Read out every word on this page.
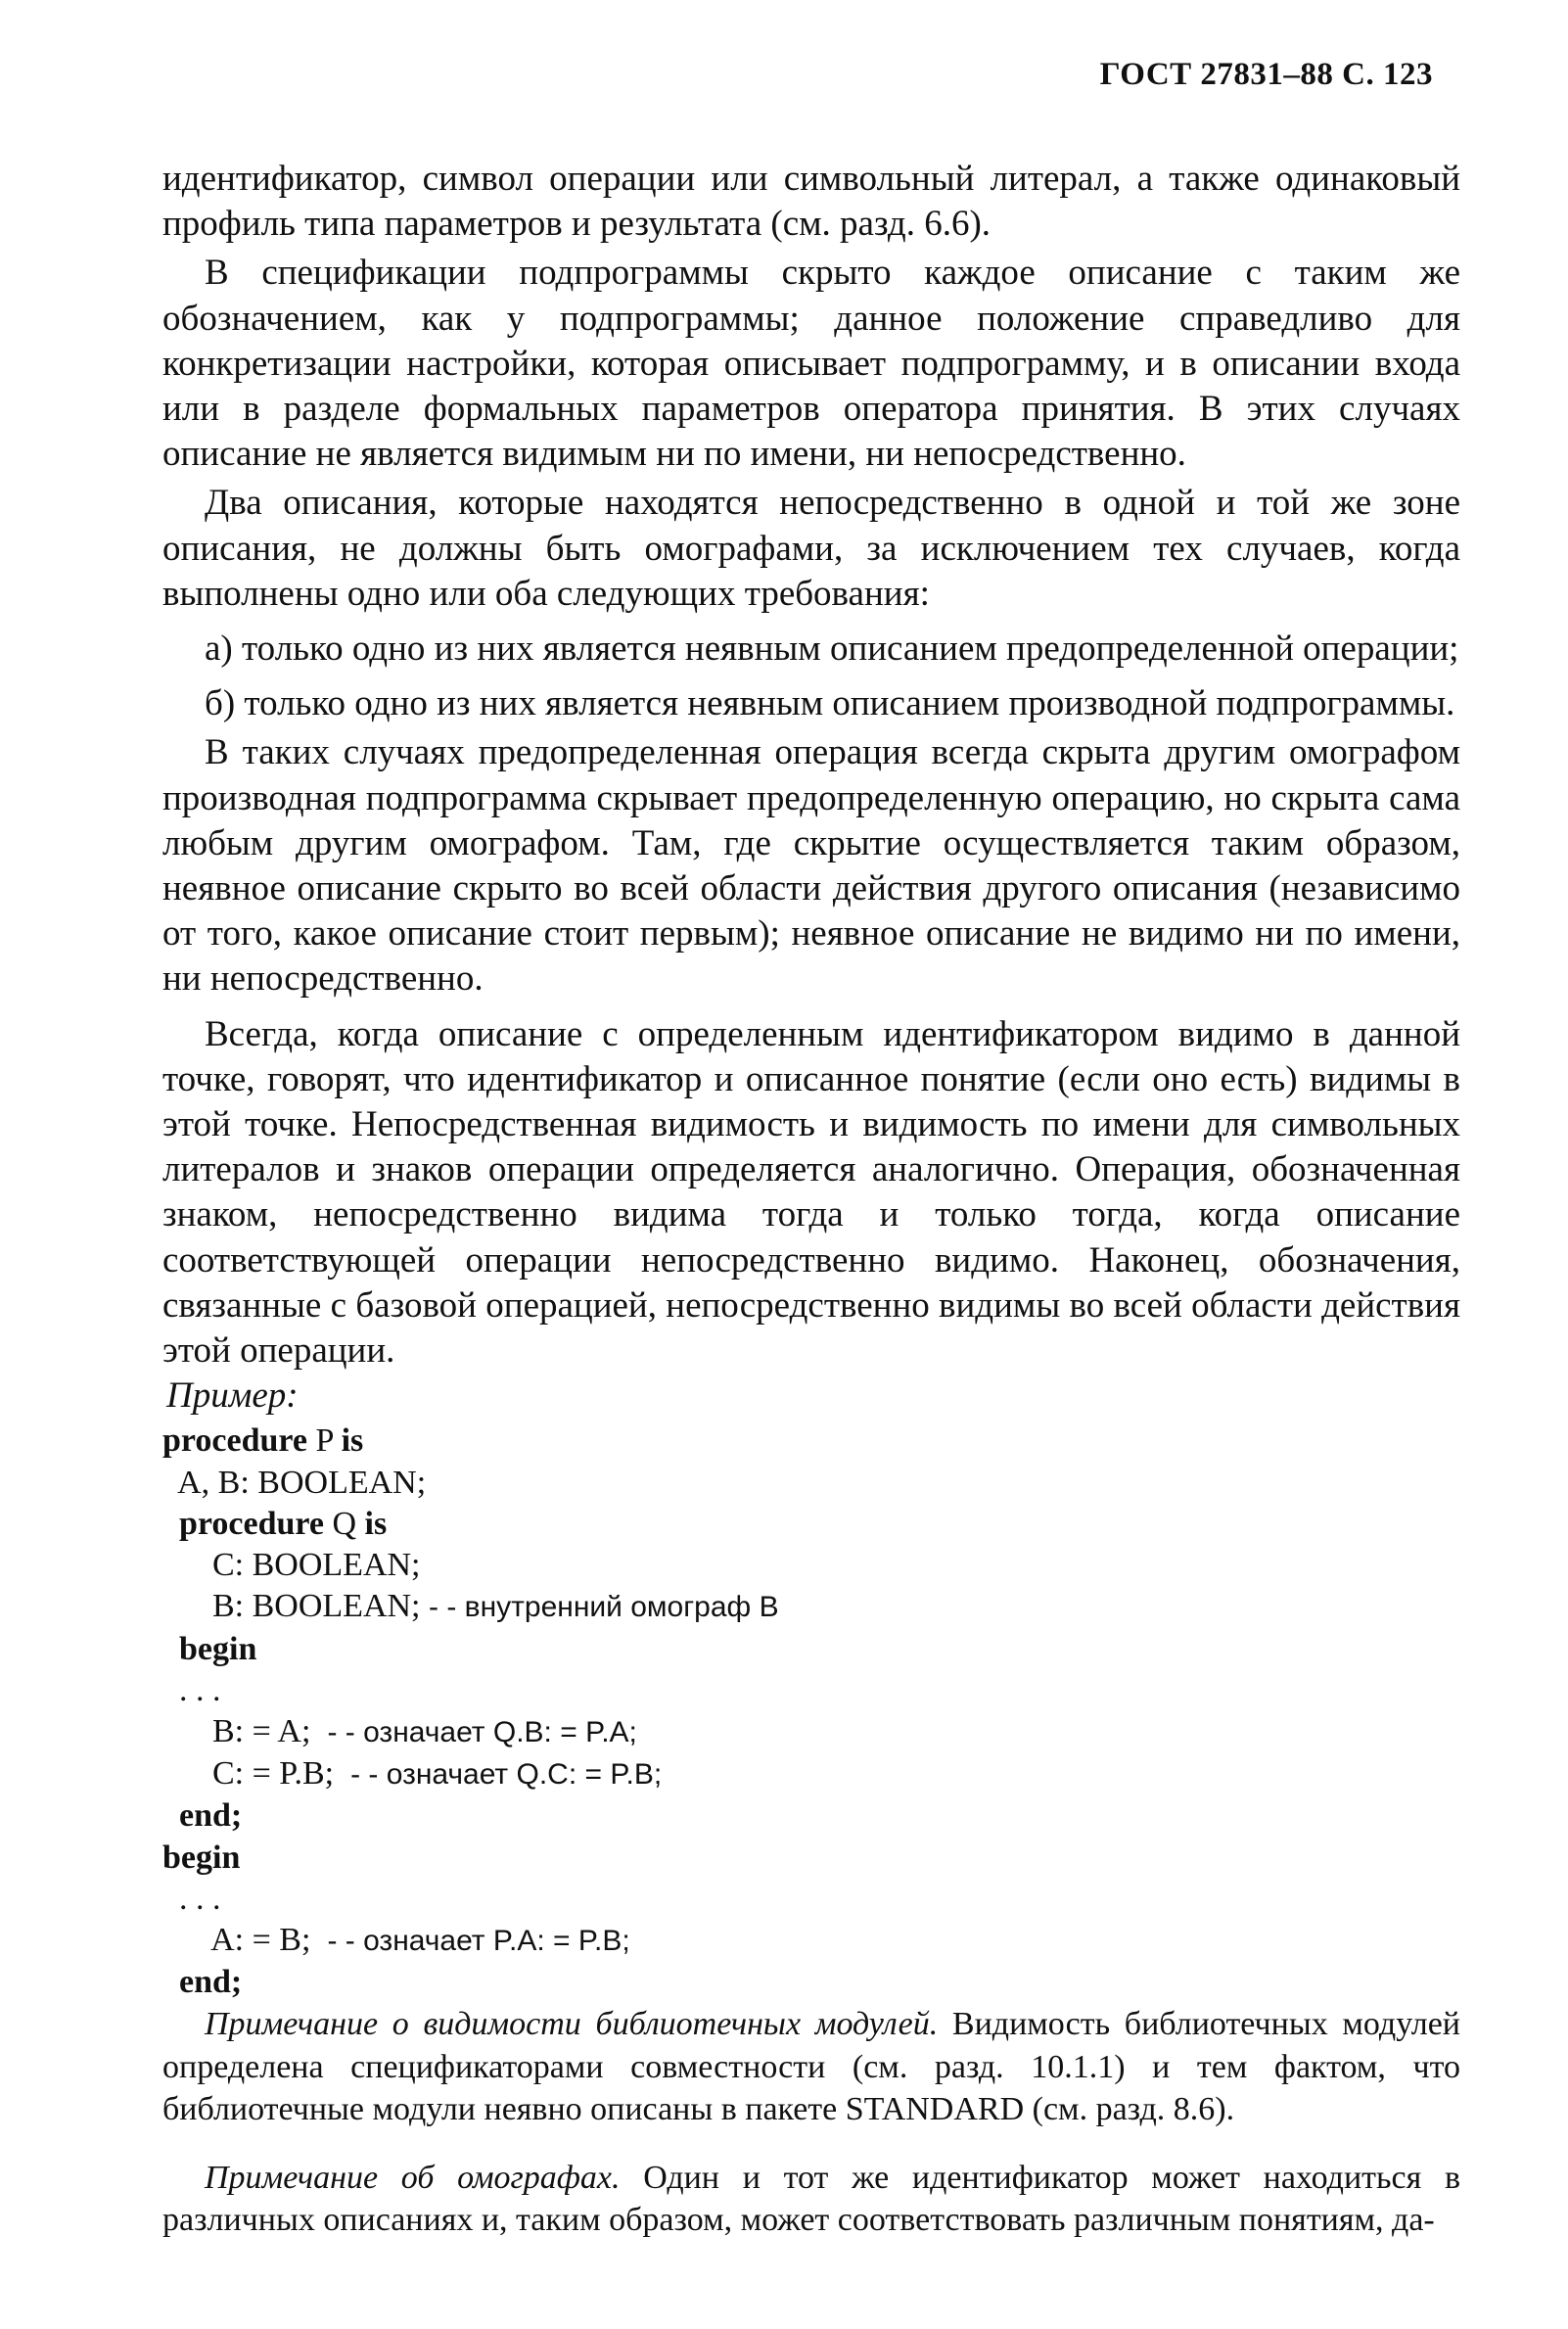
ГОСТ 27831–88 С. 123

идентификатор, символ операции или символьный литерал, а также одинаковый профиль типа параметров и результата (см. разд. 6.6).

В спецификации подпрограммы скрыто каждое описание с таким же обозначением, как у подпрограммы; данное положение справедливо для конкретизации настройки, которая описывает подпрограмму, и в описании входа или в разделе формальных параметров оператора принятия. В этих случаях описание не является видимым ни по имени, ни непосредственно.

Два описания, которые находятся непосредственно в одной и той же зоне описания, не должны быть омографами, за исключением тех случаев, когда выполнены одно или оба следующих требования:

а) только одно из них является неявным описанием предопределенной операции;

б) только одно из них является неявным описанием производной подпрограммы.

В таких случаях предопределенная операция всегда скрыта другим омографом производная подпрограмма скрывает предопределенную операцию, но скрыта сама любым другим омографом. Там, где скрытие осуществляется таким образом, неявное описание скрыто во всей области действия другого описания (независимо от того, какое описание стоит первым); неявное описание не видимо ни по имени, ни непосредственно.

Всегда, когда описание с определенным идентификатором видимо в данной точке, говорят, что идентификатор и описанное понятие (если оно есть) видимы в этой точке. Непосредственная видимость и видимость по имени для символьных литералов и знаков операции определяется аналогично. Операция, обозначенная знаком, непосредственно видима тогда и только тогда, когда описание соответствующей операции непосредственно видимо. Наконец, обозначения, связанные с базовой операцией, непосредственно видимы во всей области действия этой операции.

Пример:

procedure P is
A, B: BOOLEAN;
procedure Q is
C: BOOLEAN;
B: BOOLEAN; - - внутренний омограф В
begin
. . .
B: = A;  - - означает Q.B: = P.A;
C: = P.B;  - - означает Q.C: = P.B;
end;
begin
. . .
A: = B;  - - означает P.A: = P.B;
end;

Примечание о видимости библиотечных модулей. Видимость библиотечных модулей определена спецификаторами совместности (см. разд. 10.1.1) и тем фактом, что библиотечные модули неявно описаны в пакете STANDARD (см. разд. 8.6).

Примечание об омографах. Один и тот же идентификатор может находиться в различных описаниях и, таким образом, может соответствовать различным понятиям, да-
